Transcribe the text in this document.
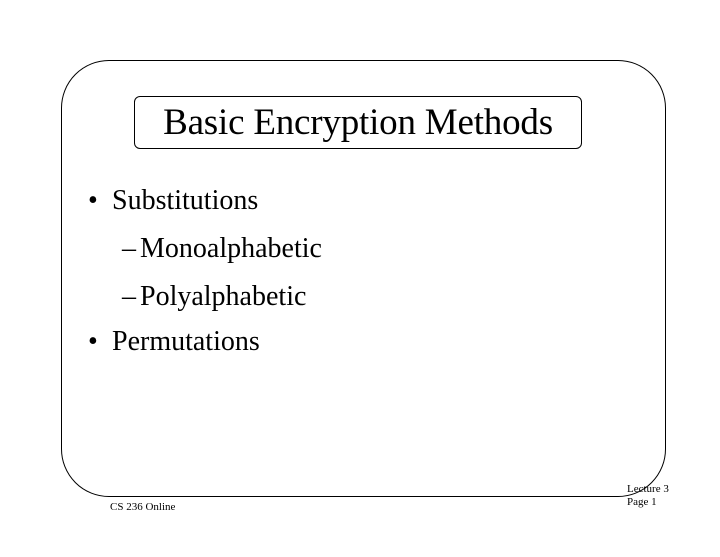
Basic Encryption Methods
• Substitutions
– Monoalphabetic
– Polyalphabetic
• Permutations
CS 236 Online
Lecture 3
Page 1
